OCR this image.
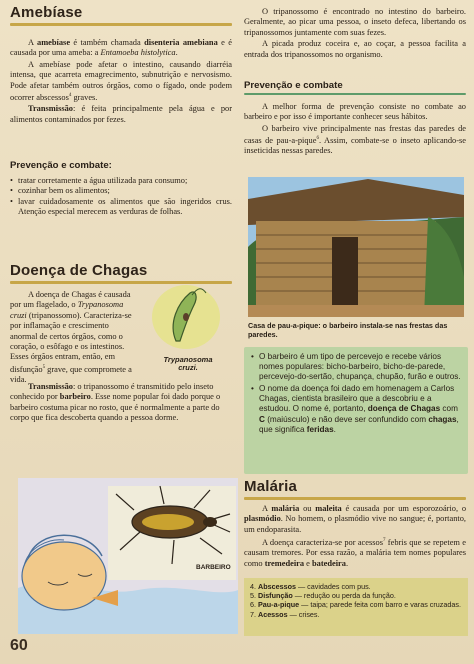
Amebíase

A amebíase é também chamada disenteria amebiana e é causada por uma ameba: a Entamoeba histolytica.

A amebíase pode afetar o intestino, causando diarréia intensa, que acarreta emagrecimento, subnutrição e nervosismo. Pode afetar também outros órgãos, como o fígado, onde podem ocorrer abscessos$^4$ graves.

Transmissão: é feita principalmente pela água e por alimentos contaminados por fezes.

Prevenção e combate:
• tratar corretamente a água utilizada para consumo;
• cozinhar bem os alimentos;
• lavar cuidadosamente os alimentos que são ingeridos crus. Atenção especial merecem as verduras de folhas.
Doença de Chagas

A doença de Chagas é causada por um flagelado, o Trypanosoma cruzi (tripanossomo). Caracteriza-se por inflamação e crescimento anormal de certos órgãos, como o coração, o esôfago e os intestinos. Esses órgãos entram, então, em disfunção$^5$ grave, que compromete a vida.

Trypanosoma
cruzi.

Transmissão: o tripanossomo é transmitido pelo inseto conhecido por barbeiro. Esse nome popular foi dado porque o barbeiro costuma picar no rosto, que é normalmente a parte do corpo que fica descoberta quando a pessoa dorme.

BARBEIRO
60

O tripanossomo é encontrado no intestino do barbeiro. Geralmente, ao picar uma pessoa, o inseto defeca, libertando os tripanossomos juntamente com suas fezes.

A picada produz coceira e, ao coçar, a pessoa facilita a entrada dos tripanossomos no organismo.

Prevenção e combate

A melhor forma de prevenção consiste no combate ao barbeiro e por isso é importante conhecer seus hábitos.

O barbeiro vive principalmente nas frestas das paredes de casas de pau-a-pique$^6$. Assim, combate-se o inseto aplicando-se inseticidas nessas paredes.

Casa de pau-a-pique: o barbeiro instala-se nas frestas das paredes.

• O barbeiro é um tipo de percevejo e recebe vários nomes populares: bicho-barbeiro, bicho-de-parede, percevejo-do-sertão, chupança, chupão, furão e outros.
• O nome da doença foi dado em homenagem a Carlos Chagas, cientista brasileiro que a descobriu e a estudou. O nome é, portanto, doença de Chagas com C (maiúsculo) e não deve ser confundido com chagas, que significa feridas.
Malária

A malária ou maleita é causada por um esporozoário, o plasmódio. No homem, o plasmódio vive no sangue; é, portanto, um endoparasita.

A doença caracteriza-se por acessos$^7$ febris que se repetem e causam tremores. Por essa razão, a malária tem nomes populares como tremedeira e batedeira.

4. Abscessos — cavidades com pus.
5. Disfunção — redução ou perda da função.
6. Pau-a-pique — taipa; parede feita com barro e varas cruzadas.
7. Acessos — crises.
